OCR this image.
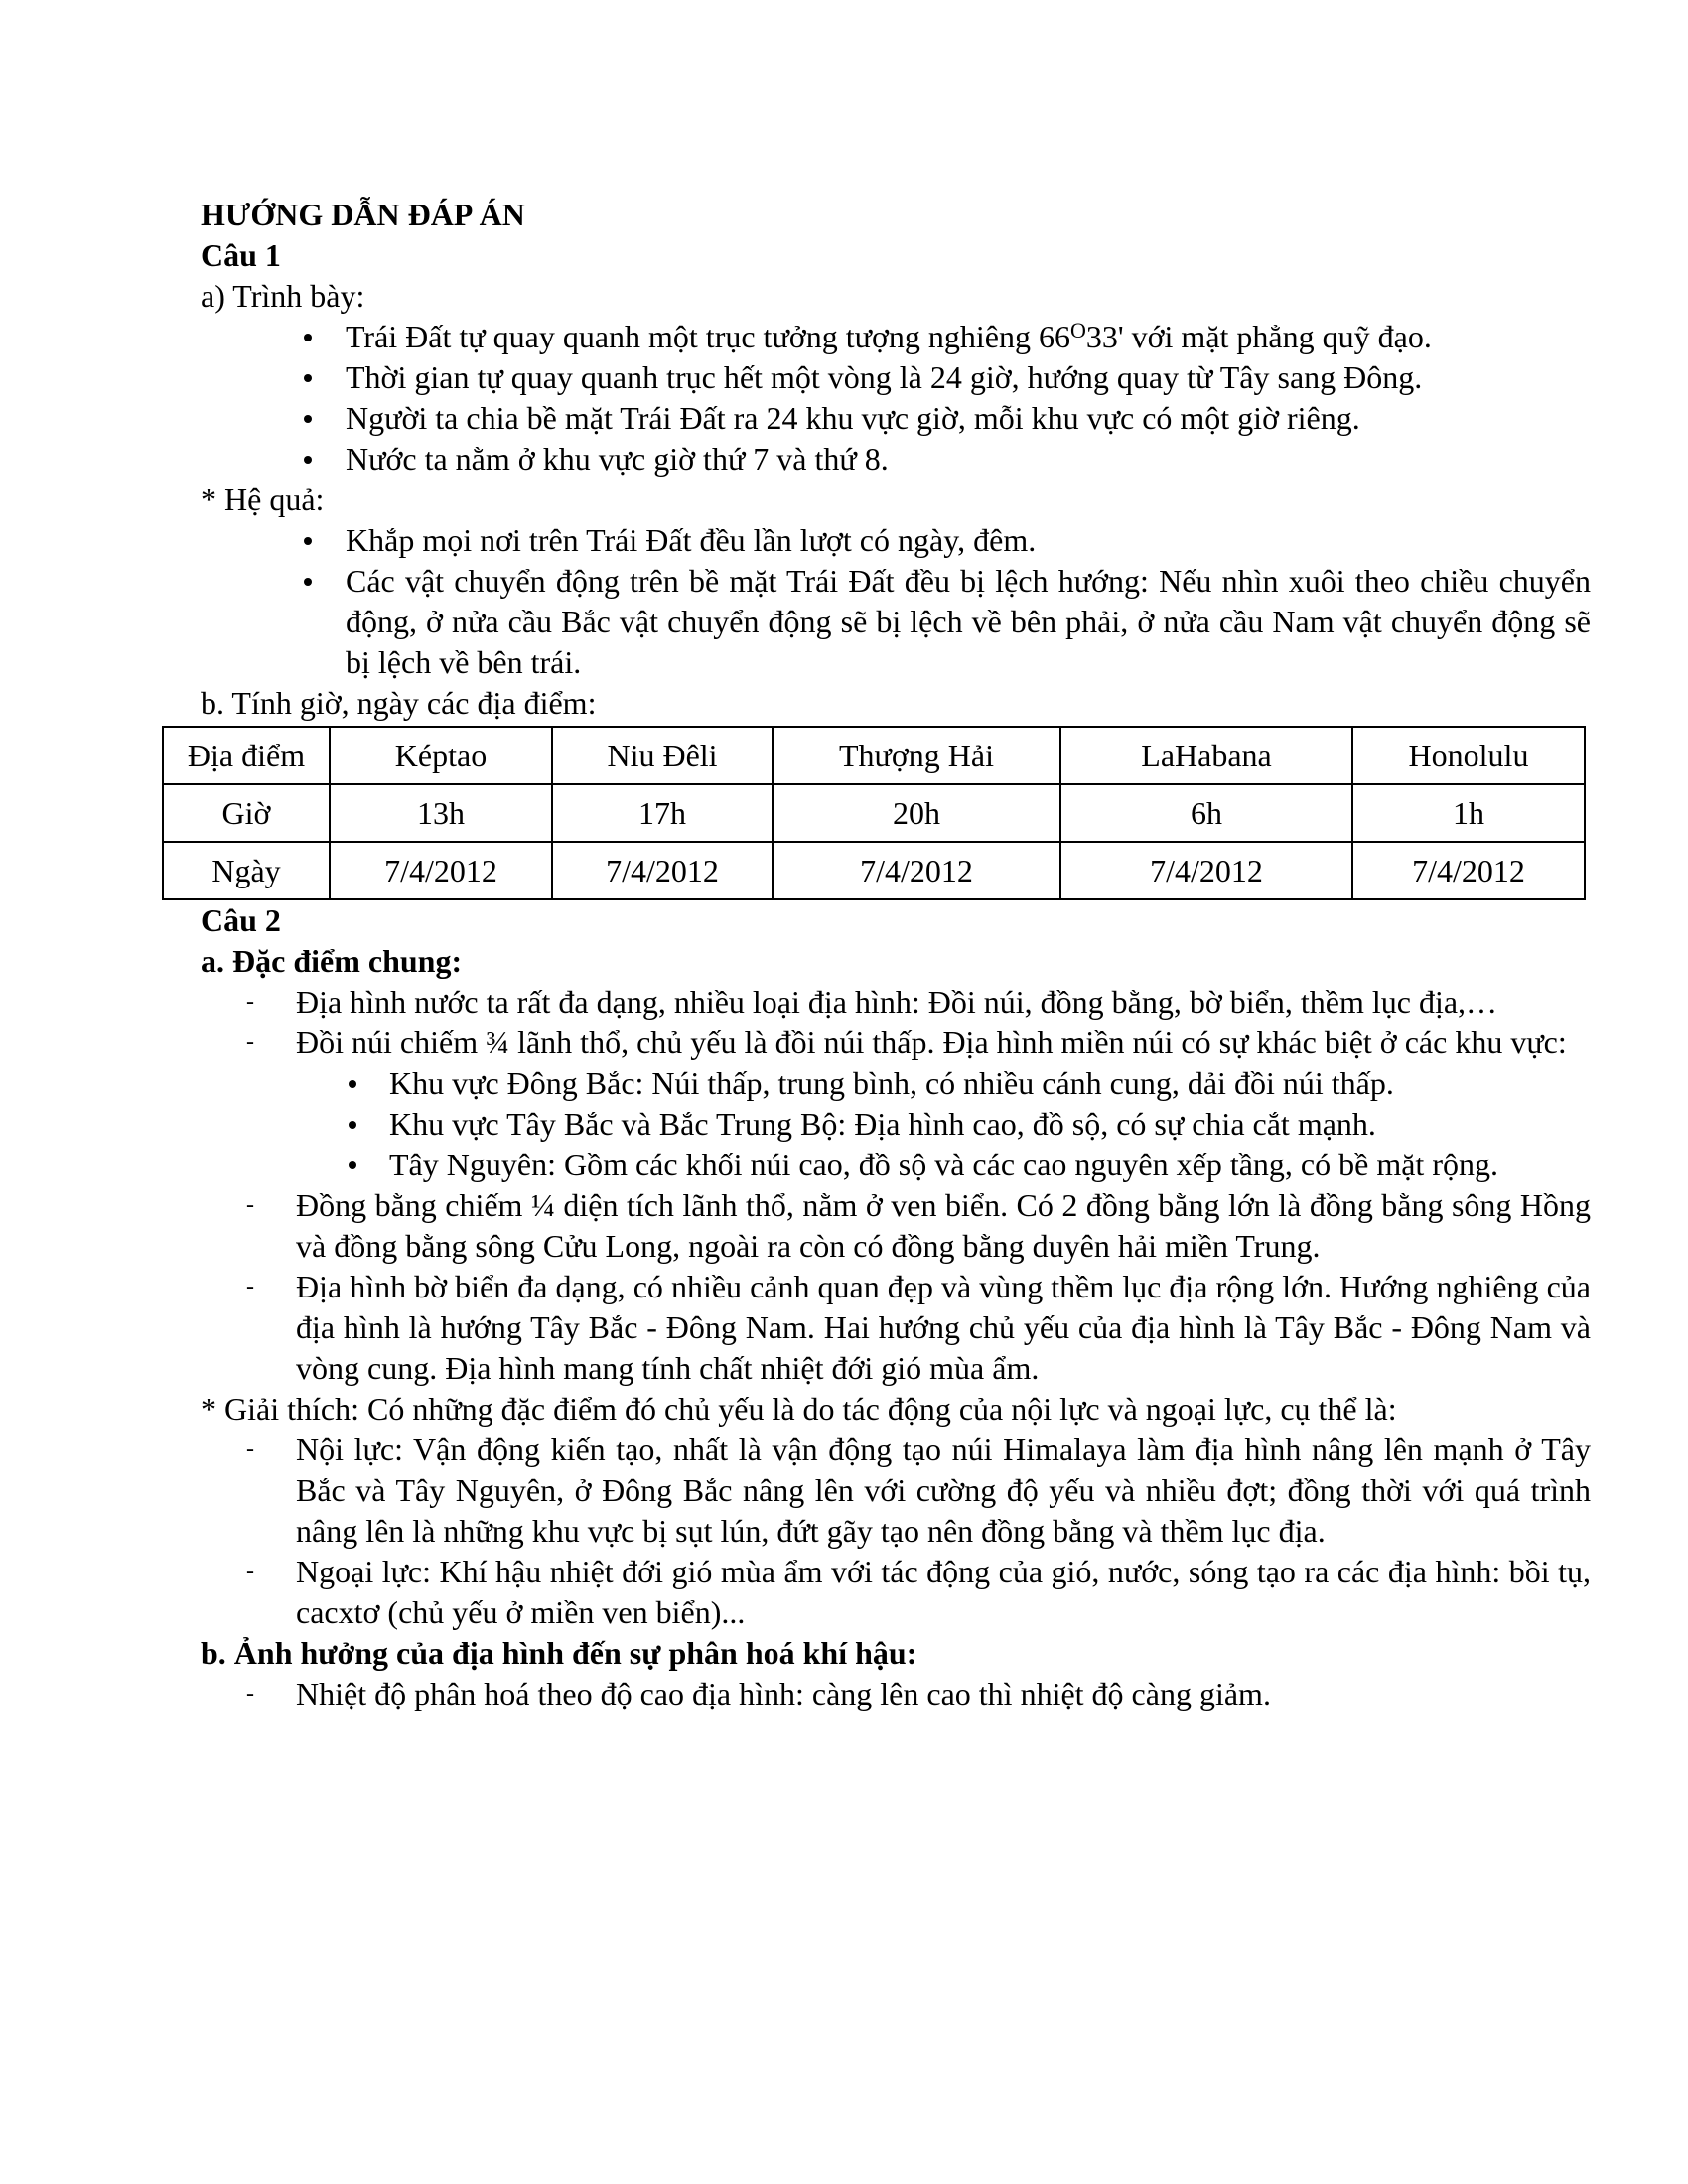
HƯỚNG DẪN ĐÁP ÁN
Câu 1
a) Trình bày:
Trái Đất tự quay quanh một trục tưởng tượng nghiêng $66^O33'$ với mặt phẳng quỹ đạo.
Thời gian tự quay quanh trục hết một vòng là 24 giờ, hướng quay từ Tây sang Đông.
Người ta chia bề mặt Trái Đất ra 24 khu vực giờ, mỗi khu vực có một giờ riêng.
Nước ta nằm ở khu vực giờ thứ 7 và thứ 8.
* Hệ quả:
Khắp mọi nơi trên Trái Đất đều lần lượt có ngày, đêm.
Các vật chuyển động trên bề mặt Trái Đất đều bị lệch hướng: Nếu nhìn xuôi theo chiều chuyển động, ở nửa cầu Bắc vật chuyển động sẽ bị lệch về bên phải, ở nửa cầu Nam vật chuyển động sẽ bị lệch về bên trái.
b. Tính giờ, ngày các địa điểm:
Địa điểm	Képtao	Niu Đêli	Thượng Hải	LaHabana	Honolulu
Giờ	13h	17h	20h	6h	1h
Ngày	7/4/2012	7/4/2012	7/4/2012	7/4/2012	7/4/2012
Câu 2
a. Đặc điểm chung:
- Địa hình nước ta rất đa dạng, nhiều loại địa hình: Đồi núi, đồng bằng, bờ biển, thềm lục địa,…
- Đồi núi chiếm ¾ lãnh thổ, chủ yếu là đồi núi thấp. Địa hình miền núi có sự khác biệt ở các khu vực:
Khu vực Đông Bắc: Núi thấp, trung bình, có nhiều cánh cung, dải đồi núi thấp.
Khu vực Tây Bắc và Bắc Trung Bộ: Địa hình cao, đồ sộ, có sự chia cắt mạnh.
Tây Nguyên: Gồm các khối núi cao, đồ sộ và các cao nguyên xếp tầng, có bề mặt rộng.
- Đồng bằng chiếm ¼ diện tích lãnh thổ, nằm ở ven biển. Có 2 đồng bằng lớn là đồng bằng sông Hồng và đồng bằng sông Cửu Long, ngoài ra còn có đồng bằng duyên hải miền Trung.
- Địa hình bờ biển đa dạng, có nhiều cảnh quan đẹp và vùng thềm lục địa rộng lớn. Hướng nghiêng của địa hình là hướng Tây Bắc - Đông Nam. Hai hướng chủ yếu của địa hình là Tây Bắc - Đông Nam và vòng cung. Địa hình mang tính chất nhiệt đới gió mùa ẩm.
* Giải thích: Có những đặc điểm đó chủ yếu là do tác động của nội lực và ngoại lực, cụ thể là:
- Nội lực: Vận động kiến tạo, nhất là vận động tạo núi Himalaya làm địa hình nâng lên mạnh ở Tây Bắc và Tây Nguyên, ở Đông Bắc nâng lên với cường độ yếu và nhiều đợt; đồng thời với quá trình nâng lên là những khu vực bị sụt lún, đứt gãy tạo nên đồng bằng và thềm lục địa.
- Ngoại lực: Khí hậu nhiệt đới gió mùa ẩm với tác động của gió, nước, sóng tạo ra các địa hình: bồi tụ, cacxtơ (chủ yếu ở miền ven biển)...
b. Ảnh hưởng của địa hình đến sự phân hoá khí hậu:
- Nhiệt độ phân hoá theo độ cao địa hình: càng lên cao thì nhiệt độ càng giảm.
